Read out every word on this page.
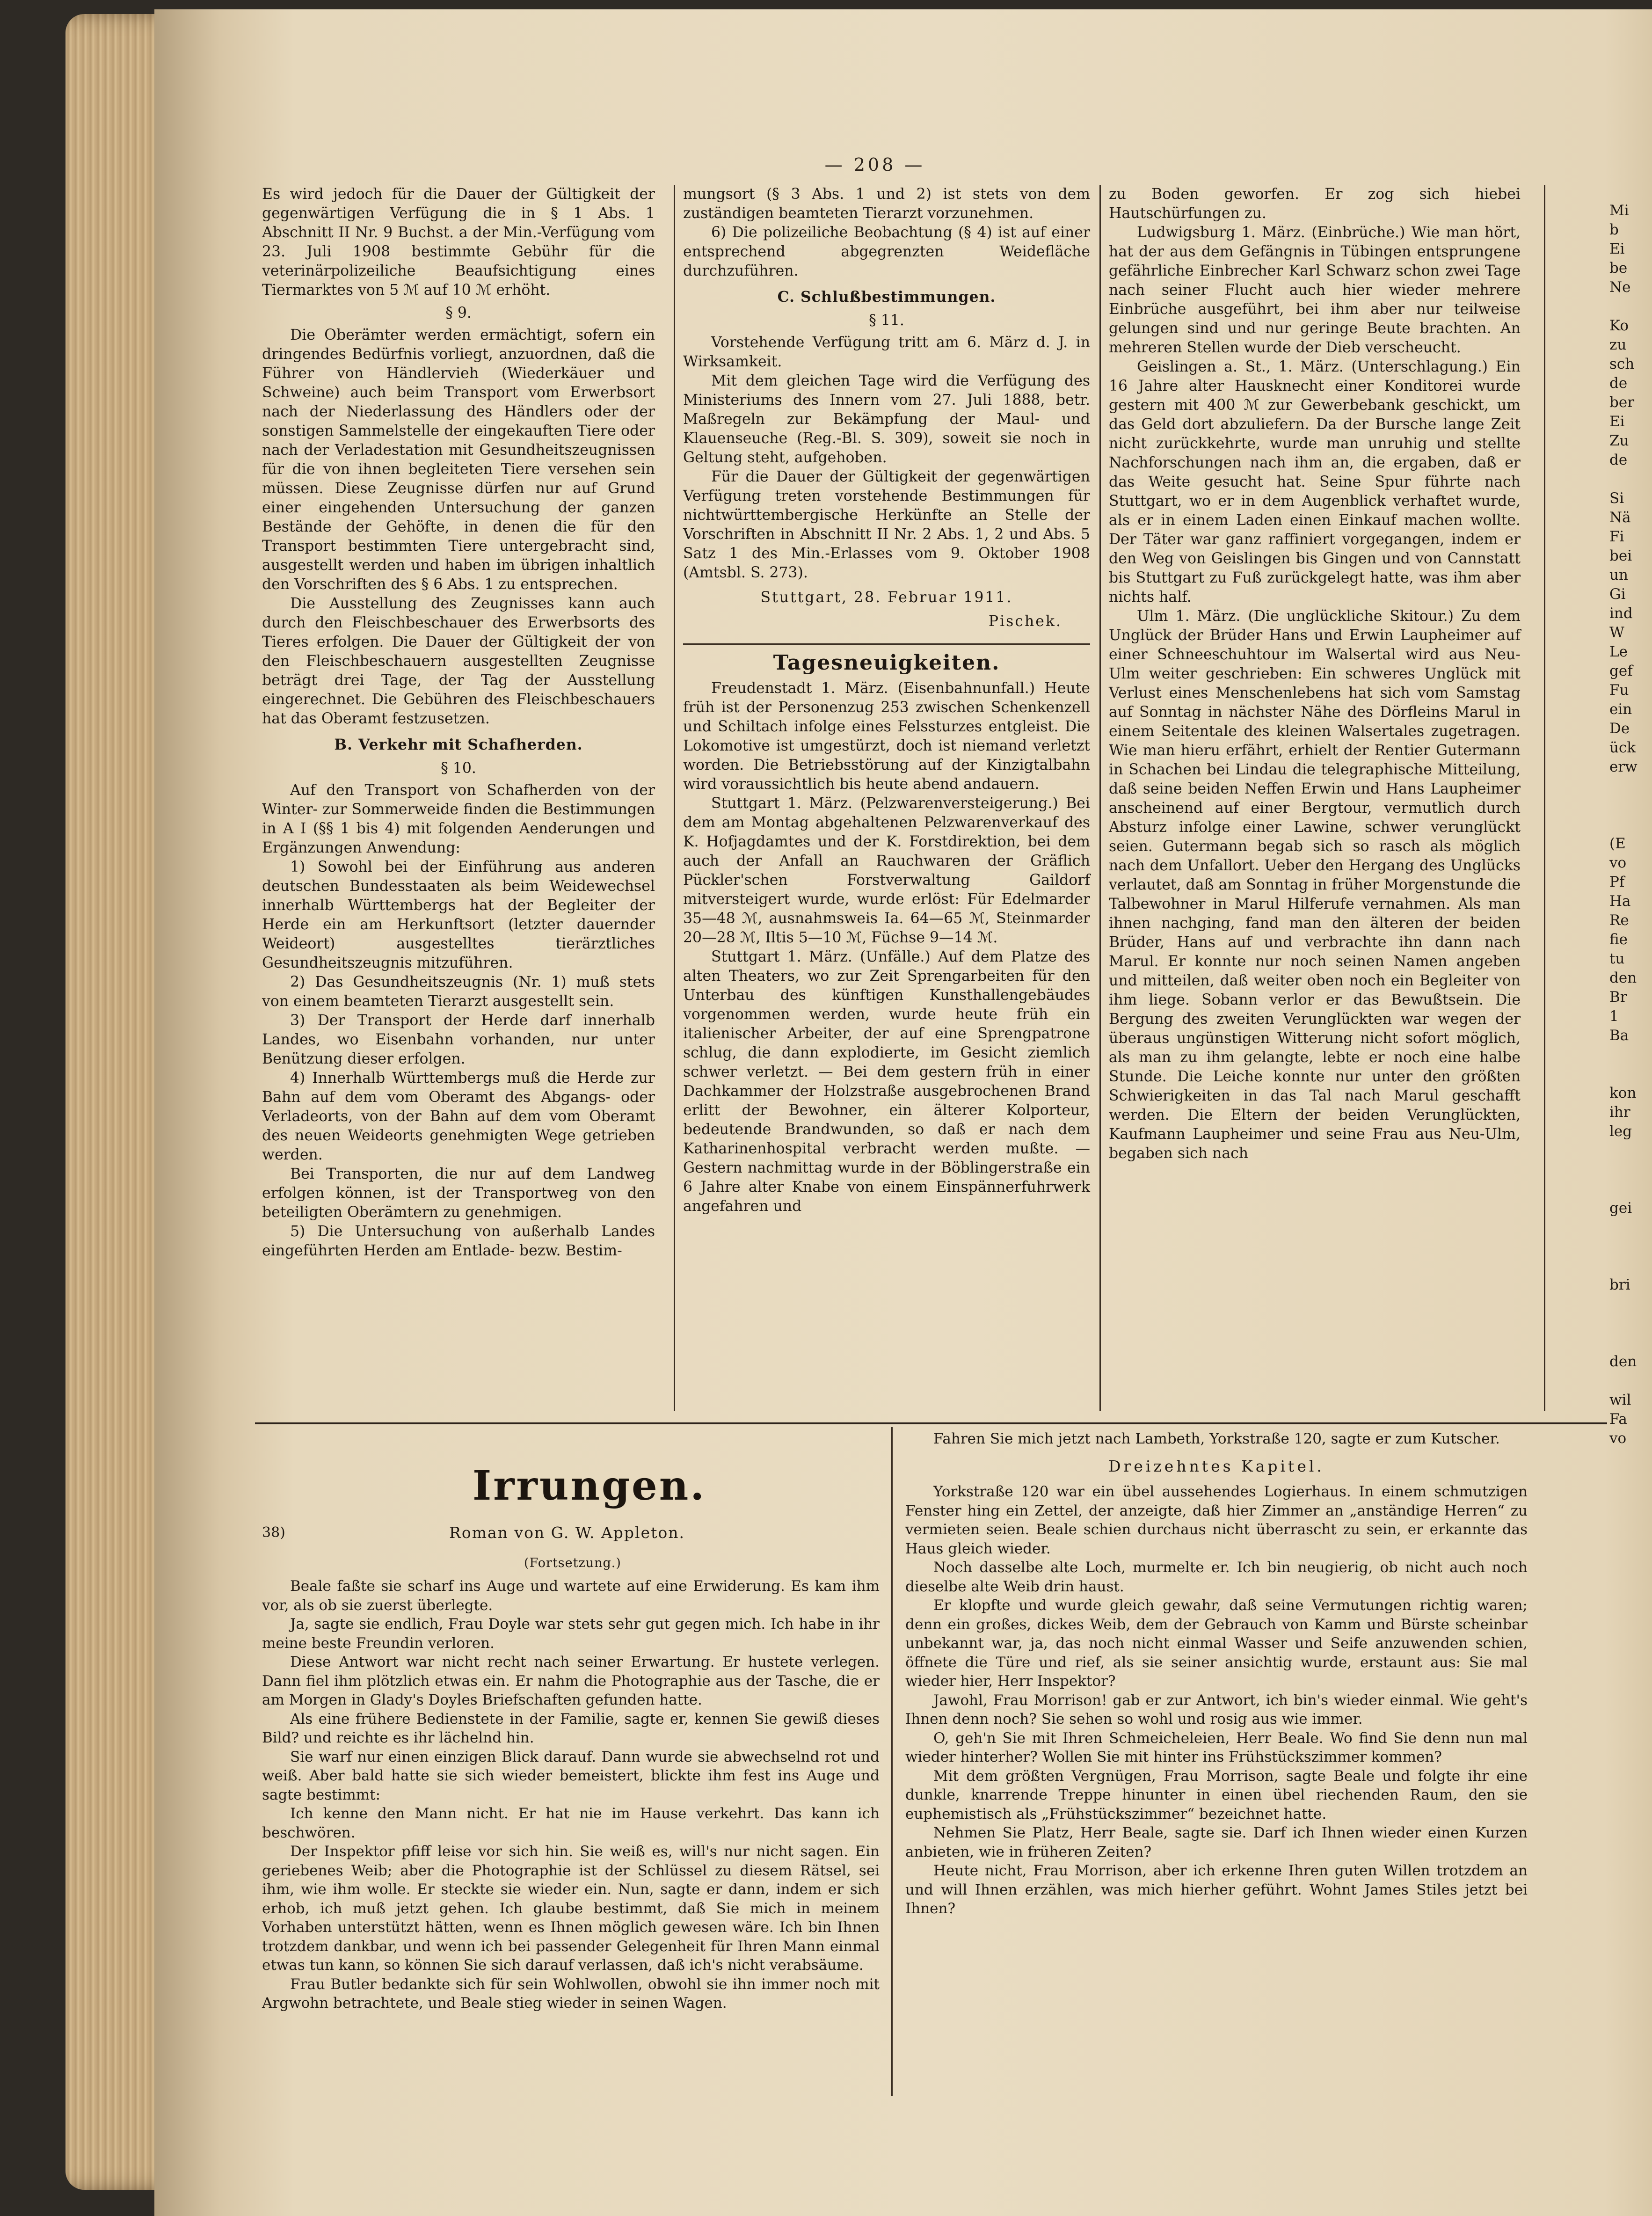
— 208 —

Es wird jedoch für die Dauer der Gültigkeit der gegenwärtigen Verfügung die in § 1 Abs. 1 Abschnitt II Nr. 9 Buchst. a der Min.-Verfügung vom 23. Juli 1908 bestimmte Gebühr für die veterinärpolizeiliche Beaufsichtigung eines Tiermarktes von 5 ℳ auf 10 ℳ erhöht.

§ 9.

Die Oberämter werden ermächtigt, sofern ein dringendes Bedürfnis vorliegt, anzuordnen, daß die Führer von Händlervieh (Wiederkäuer und Schweine) auch beim Transport vom Erwerbsort nach der Niederlassung des Händlers oder der sonstigen Sammelstelle der eingekauften Tiere oder nach der Verladestation mit Gesundheitszeugnissen für die von ihnen begleiteten Tiere versehen sein müssen. Diese Zeugnisse dürfen nur auf Grund einer eingehenden Untersuchung der ganzen Bestände der Gehöfte, in denen die für den Transport bestimmten Tiere untergebracht sind, ausgestellt werden und haben im übrigen inhaltlich den Vorschriften des § 6 Abs. 1 zu entsprechen.

Die Ausstellung des Zeugnisses kann auch durch den Fleischbeschauer des Erwerbsorts des Tieres erfolgen. Die Dauer der Gültigkeit der von den Fleischbeschauern ausgestellten Zeugnisse beträgt drei Tage, der Tag der Ausstellung eingerechnet. Die Gebühren des Fleischbeschauers hat das Oberamt festzusetzen.

B. Verkehr mit Schafherden.
§ 10.

Auf den Transport von Schafherden von der Winter- zur Sommerweide finden die Bestimmungen in A I (§§ 1 bis 4) mit folgenden Aenderungen und Ergänzungen Anwendung:

1) Sowohl bei der Einführung aus anderen deutschen Bundesstaaten als beim Weidewechsel innerhalb Württembergs hat der Begleiter der Herde ein am Herkunftsort (letzter dauernder Weideort) ausgestelltes tierärztliches Gesundheitszeugnis mitzuführen.

2) Das Gesundheitszeugnis (Nr. 1) muß stets von einem beamteten Tierarzt ausgestellt sein.

3) Der Transport der Herde darf innerhalb Landes, wo Eisenbahn vorhanden, nur unter Benützung dieser erfolgen.

4) Innerhalb Württembergs muß die Herde zur Bahn auf dem vom Oberamt des Abgangs- oder Verladeorts, von der Bahn auf dem vom Oberamt des neuen Weideorts genehmigten Wege getrieben werden.

Bei Transporten, die nur auf dem Landweg erfolgen können, ist der Transportweg von den beteiligten Oberämtern zu genehmigen.

5) Die Untersuchung von außerhalb Landes eingeführten Herden am Entlade- bezw. Bestim-

mungsort (§ 3 Abs. 1 und 2) ist stets von dem zuständigen beamteten Tierarzt vorzunehmen.

6) Die polizeiliche Beobachtung (§ 4) ist auf einer entsprechend abgegrenzten Weidefläche durchzuführen.

C. Schlußbestimmungen.
§ 11.

Vorstehende Verfügung tritt am 6. März d. J. in Wirksamkeit.

Mit dem gleichen Tage wird die Verfügung des Ministeriums des Innern vom 27. Juli 1888, betr. Maßregeln zur Bekämpfung der Maul- und Klauenseuche (Reg.-Bl. S. 309), soweit sie noch in Geltung steht, aufgehoben.

Für die Dauer der Gültigkeit der gegenwärtigen Verfügung treten vorstehende Bestimmungen für nichtwürttembergische Herkünfte an Stelle der Vorschriften in Abschnitt II Nr. 2 Abs. 1, 2 und Abs. 5 Satz 1 des Min.-Erlasses vom 9. Oktober 1908 (Amtsbl. S. 273).

Stuttgart, 28. Februar 1911.
Pischek.
Tagesneuigkeiten.

Freudenstadt 1. März. (Eisenbahnunfall.) Heute früh ist der Personenzug 253 zwischen Schenkenzell und Schiltach infolge eines Felssturzes entgleist. Die Lokomotive ist umgestürzt, doch ist niemand verletzt worden. Die Betriebsstörung auf der Kinzigtalbahn wird voraussichtlich bis heute abend andauern.

Stuttgart 1. März. (Pelzwarenversteigerung.) Bei dem am Montag abgehaltenen Pelzwarenverkauf des K. Hofjagdamtes und der K. Forstdirektion, bei dem auch der Anfall an Rauchwaren der Gräflich Pückler'schen Forstverwaltung Gaildorf mitversteigert wurde, wurde erlöst: Für Edelmarder 35—48 ℳ, ausnahmsweis Ia. 64—65 ℳ, Steinmarder 20—28 ℳ, Iltis 5—10 ℳ, Füchse 9—14 ℳ.

Stuttgart 1. März. (Unfälle.) Auf dem Platze des alten Theaters, wo zur Zeit Sprengarbeiten für den Unterbau des künftigen Kunsthallengebäudes vorgenommen werden, wurde heute früh ein italienischer Arbeiter, der auf eine Sprengpatrone schlug, die dann explodierte, im Gesicht ziemlich schwer verletzt. — Bei dem gestern früh in einer Dachkammer der Holzstraße ausgebrochenen Brand erlitt der Bewohner, ein älterer Kolporteur, bedeutende Brandwunden, so daß er nach dem Katharinenhospital verbracht werden mußte. — Gestern nachmittag wurde in der Böblingerstraße ein 6 Jahre alter Knabe von einem Einspännerfuhrwerk angefahren und

zu Boden geworfen. Er zog sich hiebei Hautschürfungen zu.

Ludwigsburg 1. März. (Einbrüche.) Wie man hört, hat der aus dem Gefängnis in Tübingen entsprungene gefährliche Einbrecher Karl Schwarz schon zwei Tage nach seiner Flucht auch hier wieder mehrere Einbrüche ausgeführt, bei ihm aber nur teilweise gelungen sind und nur geringe Beute brachten. An mehreren Stellen wurde der Dieb verscheucht.

Geislingen a. St., 1. März. (Unterschlagung.) Ein 16 Jahre alter Hausknecht einer Konditorei wurde gestern mit 400 ℳ zur Gewerbebank geschickt, um das Geld dort abzuliefern. Da der Bursche lange Zeit nicht zurückkehrte, wurde man unruhig und stellte Nachforschungen nach ihm an, die ergaben, daß er das Weite gesucht hat. Seine Spur führte nach Stuttgart, wo er in dem Augenblick verhaftet wurde, als er in einem Laden einen Einkauf machen wollte. Der Täter war ganz raffiniert vorgegangen, indem er den Weg von Geislingen bis Gingen und von Cannstatt bis Stuttgart zu Fuß zurückgelegt hatte, was ihm aber nichts half.

Ulm 1. März. (Die unglückliche Skitour.) Zu dem Unglück der Brüder Hans und Erwin Laupheimer auf einer Schneeschuhtour im Walsertal wird aus Neu-Ulm weiter geschrieben: Ein schweres Unglück mit Verlust eines Menschenlebens hat sich vom Samstag auf Sonntag in nächster Nähe des Dörfleins Marul in einem Seitentale des kleinen Walsertales zugetragen. Wie man hieru erfährt, erhielt der Rentier Gutermann in Schachen bei Lindau die telegraphische Mitteilung, daß seine beiden Neffen Erwin und Hans Laupheimer anscheinend auf einer Bergtour, vermutlich durch Absturz infolge einer Lawine, schwer verunglückt seien. Gutermann begab sich so rasch als möglich nach dem Unfallort. Ueber den Hergang des Unglücks verlautet, daß am Sonntag in früher Morgenstunde die Talbewohner in Marul Hilferufe vernahmen. Als man ihnen nachging, fand man den älteren der beiden Brüder, Hans auf und verbrachte ihn dann nach Marul. Er konnte nur noch seinen Namen angeben und mitteilen, daß weiter oben noch ein Begleiter von ihm liege. Sobann verlor er das Bewußtsein. Die Bergung des zweiten Verunglückten war wegen der überaus ungünstigen Witterung nicht sofort möglich, als man zu ihm gelangte, lebte er noch eine halbe Stunde. Die Leiche konnte nur unter den größten Schwierigkeiten in das Tal nach Marul geschafft werden. Die Eltern der beiden Verunglückten, Kaufmann Laupheimer und seine Frau aus Neu-Ulm, begaben sich nach

Irrungen.
38)	Roman von G. W. Appleton.
(Fortsetzung.)

Beale faßte sie scharf ins Auge und wartete auf eine Erwiderung. Es kam ihm vor, als ob sie zuerst überlegte.

Ja, sagte sie endlich, Frau Doyle war stets sehr gut gegen mich. Ich habe in ihr meine beste Freundin verloren.

Diese Antwort war nicht recht nach seiner Erwartung. Er hustete verlegen. Dann fiel ihm plötzlich etwas ein. Er nahm die Photographie aus der Tasche, die er am Morgen in Glady's Doyles Briefschaften gefunden hatte.

Als eine frühere Bedienstete in der Familie, sagte er, kennen Sie gewiß dieses Bild? und reichte es ihr lächelnd hin.

Sie warf nur einen einzigen Blick darauf. Dann wurde sie abwechselnd rot und weiß. Aber bald hatte sie sich wieder bemeistert, blickte ihm fest ins Auge und sagte bestimmt:

Ich kenne den Mann nicht. Er hat nie im Hause verkehrt. Das kann ich beschwören.

Der Inspektor pfiff leise vor sich hin. Sie weiß es, will's nur nicht sagen. Ein geriebenes Weib; aber die Photographie ist der Schlüssel zu diesem Rätsel, sei ihm, wie ihm wolle. Er steckte sie wieder ein. Nun, sagte er dann, indem er sich erhob, ich muß jetzt gehen. Ich glaube bestimmt, daß Sie mich in meinem Vorhaben unterstützt hätten, wenn es Ihnen möglich gewesen wäre. Ich bin Ihnen trotzdem dankbar, und wenn ich bei passender Gelegenheit für Ihren Mann einmal etwas tun kann, so können Sie sich darauf verlassen, daß ich's nicht verabsäume.

Frau Butler bedankte sich für sein Wohlwollen, obwohl sie ihn immer noch mit Argwohn betrachtete, und Beale stieg wieder in seinen Wagen.

Fahren Sie mich jetzt nach Lambeth, Yorkstraße 120, sagte er zum Kutscher.

Dreizehntes Kapitel.

Yorkstraße 120 war ein übel aussehendes Logierhaus. In einem schmutzigen Fenster hing ein Zettel, der anzeigte, daß hier Zimmer an „anständige Herren“ zu vermieten seien. Beale schien durchaus nicht überrascht zu sein, er erkannte das Haus gleich wieder.

Noch dasselbe alte Loch, murmelte er. Ich bin neugierig, ob nicht auch noch dieselbe alte Weib drin haust.

Er klopfte und wurde gleich gewahr, daß seine Vermutungen richtig waren; denn ein großes, dickes Weib, dem der Gebrauch von Kamm und Bürste scheinbar unbekannt war, ja, das noch nicht einmal Wasser und Seife anzuwenden schien, öffnete die Türe und rief, als sie seiner ansichtig wurde, erstaunt aus: Sie mal wieder hier, Herr Inspektor?

Jawohl, Frau Morrison! gab er zur Antwort, ich bin's wieder einmal. Wie geht's Ihnen denn noch? Sie sehen so wohl und rosig aus wie immer.

O, geh'n Sie mit Ihren Schmeicheleien, Herr Beale. Wo find Sie denn nun mal wieder hinterher? Wollen Sie mit hinter ins Frühstückszimmer kommen?

Mit dem größten Vergnügen, Frau Morrison, sagte Beale und folgte ihr eine dunkle, knarrende Treppe hinunter in einen übel riechenden Raum, den sie euphemistisch als „Frühstückszimmer“ bezeichnet hatte.

Nehmen Sie Platz, Herr Beale, sagte sie. Darf ich Ihnen wieder einen Kurzen anbieten, wie in früheren Zeiten?

Heute nicht, Frau Morrison, aber ich erkenne Ihren guten Willen trotzdem an und will Ihnen erzählen, was mich hierher geführt. Wohnt James Stiles jetzt bei Ihnen?

Mi
b
Ei
be
Ne

Ko
zu
sch
de
ber
Ei
Zu
de

Si
Nä
Fi
bei
un
Gi
ind
W
Le
gef
Fu
ein
De
ück
erw

(E
vo
Pf
Ha
Re
fie
tu
den
Br
1
Ba

kon
ihr
leg

gei

bri

den

wil
Fa
vo
